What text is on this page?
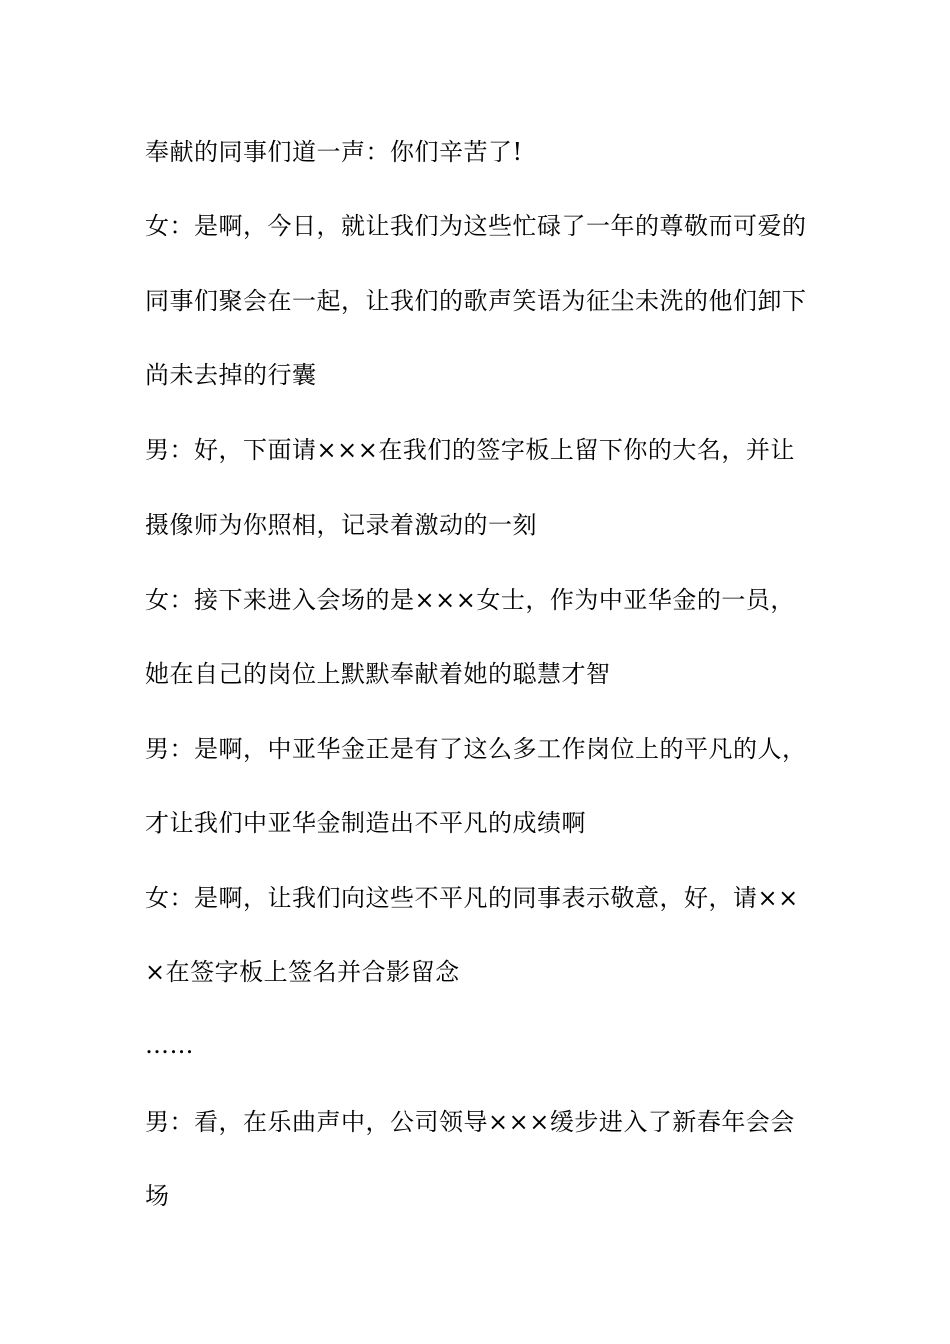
奉献的同事们道一声：你们辛苦了!
女：是啊，今日，就让我们为这些忙碌了一年的尊敬而可爱的
同事们聚会在一起，让我们的歌声笑语为征尘未洗的他们卸下
尚未去掉的行囊
男：好，下面请×××在我们的签字板上留下你的大名，并让
摄像师为你照相，记录着激动的一刻
女：接下来进入会场的是×××女士，作为中亚华金的一员，
她在自己的岗位上默默奉献着她的聪慧才智
男：是啊，中亚华金正是有了这么多工作岗位上的平凡的人，
才让我们中亚华金制造出不平凡的成绩啊
女：是啊，让我们向这些不平凡的同事表示敬意，好，请××
×在签字板上签名并合影留念
……
男：看，在乐曲声中，公司领导×××缓步进入了新春年会会
场
